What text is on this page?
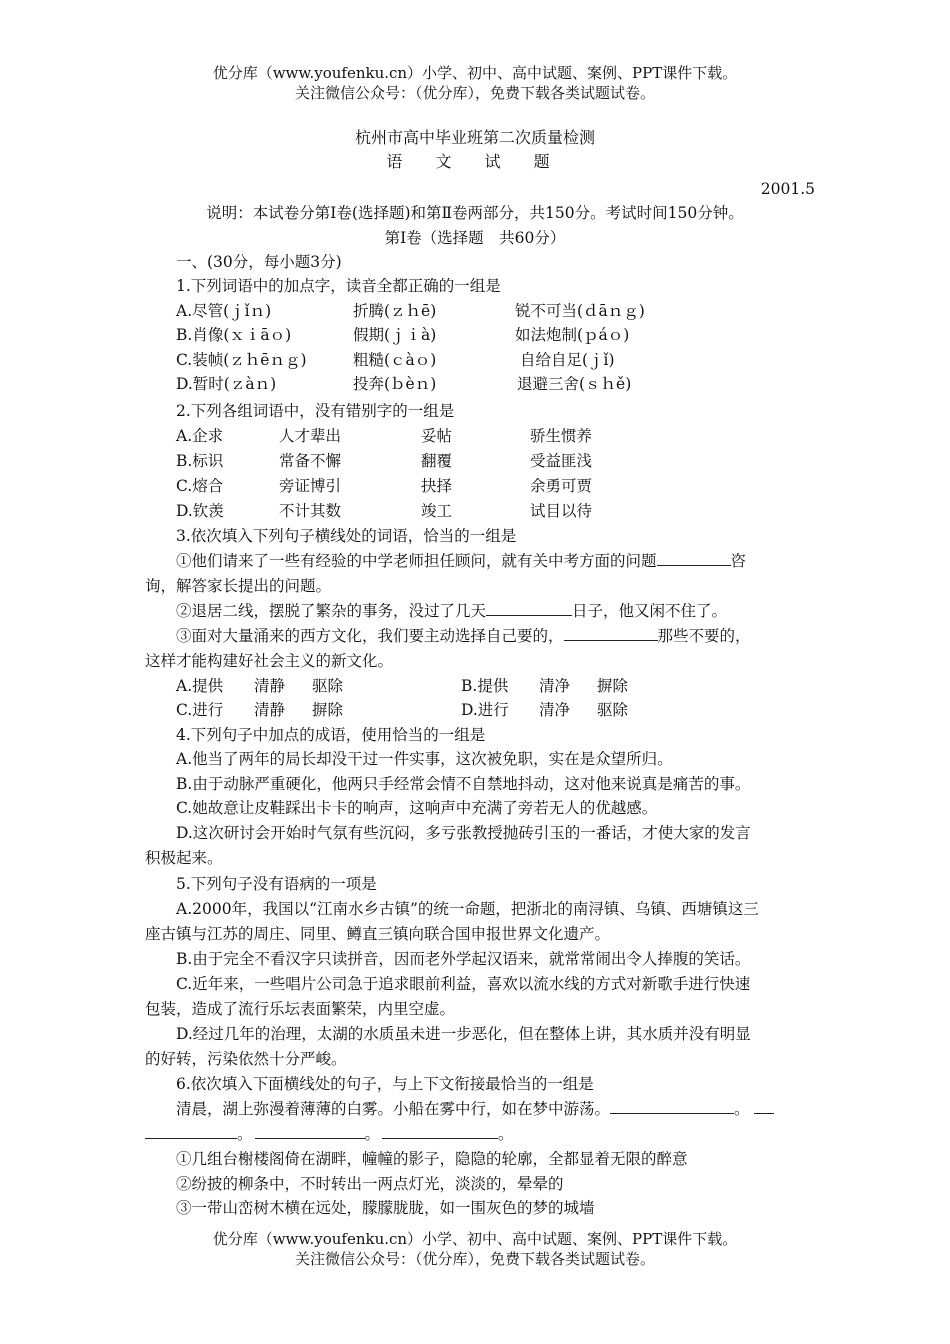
优分库（www.youfenku.cn）小学、初中、高中试题、案例、PPT课件下载。
关注微信公众号：（优分库），免费下载各类试题试卷。
杭州市高中毕业班第二次质量检测
语 文 试 题
2001.5
说明：本试卷分第Ⅰ卷(选择题)和第Ⅱ卷两部分，共150分。考试时间150分钟。
第Ⅰ卷（选择题　共60分）
一、(30分，每小题3分)
1.下列词语中的加点字，读音全都正确的一组是
A.尽管(ｊǐｎ)	折腾(ｚｈē)	锐不可当(ｄāｎｇ)
B.肖像(ｘｉāｏ)	假期(ｊｉà)	如法炮制(ｐáｏ)
C.装帧(ｚｈēｎｇ)	粗糙(ｃàｏ)	自给自足(ｊǐ)
D.暂时(ｚàｎ)	投奔(ｂèｎ)	退避三舍(ｓｈě)
2.下列各组词语中，没有错别字的一组是
A.企求	人才辈出	妥帖	骄生惯养
B.标识	常备不懈	翻覆	受益匪浅
C.熔合	旁证博引	抉择	余勇可贾
D.钦羡	不计其数	竣工	试目以待
3.依次填入下列句子横线处的词语，恰当的一组是
①他们请来了一些有经验的中学老师担任顾问，就有关中考方面的问题	咨
询，解答家长提出的问题。
②退居二线，摆脱了繁杂的事务，没过了几天	日子，他又闲不住了。
③面对大量涌来的西方文化，我们要主动选择自己要的，	那些不要的，
这样才能构建好社会主义的新文化。
A.提供 清静 驱除	B.提供 清净 摒除
C.进行 清静 摒除	D.进行 清净 驱除
4.下列句子中加点的成语，使用恰当的一组是
A.他当了两年的局长却没干过一件实事，这次被免职，实在是众望所归。
B.由于动脉严重硬化，他两只手经常会情不自禁地抖动，这对他来说真是痛苦的事。
C.她故意让皮鞋踩出卡卡的响声，这响声中充满了旁若无人的优越感。
D.这次研讨会开始时气氛有些沉闷，多亏张教授抛砖引玉的一番话，才使大家的发言
积极起来。
5.下列句子没有语病的一项是
A.2000年，我国以“江南水乡古镇”的统一命题，把浙北的南浔镇、乌镇、西塘镇这三
座古镇与江苏的周庄、同里、鳟直三镇向联合国申报世界文化遗产。
B.由于完全不看汉字只读拼音，因而老外学起汉语来，就常常闹出令人捧腹的笑话。
C.近年来，一些唱片公司急于追求眼前利益，喜欢以流水线的方式对新歌手进行快速
包装，造成了流行乐坛表面繁荣，内里空虚。
D.经过几年的治理，太湖的水质虽未进一步恶化，但在整体上讲，其水质并没有明显
的好转，污染依然十分严峻。
6.依次填入下面横线处的句子，与上下文衔接最恰当的一组是
清晨，湖上弥漫着薄薄的白雾。小船在雾中行，如在梦中游荡。	。
。	。	。
①几组台榭楼阁倚在湖畔，幢幢的影子，隐隐的轮廓，全都显着无限的醉意
②纷披的柳条中，不时转出一两点灯光，淡淡的，晕晕的
③一带山峦树木横在远处，朦朦胧胧，如一围灰色的梦的城墙
优分库（www.youfenku.cn）小学、初中、高中试题、案例、PPT课件下载。
关注微信公众号：（优分库），免费下载各类试题试卷。
